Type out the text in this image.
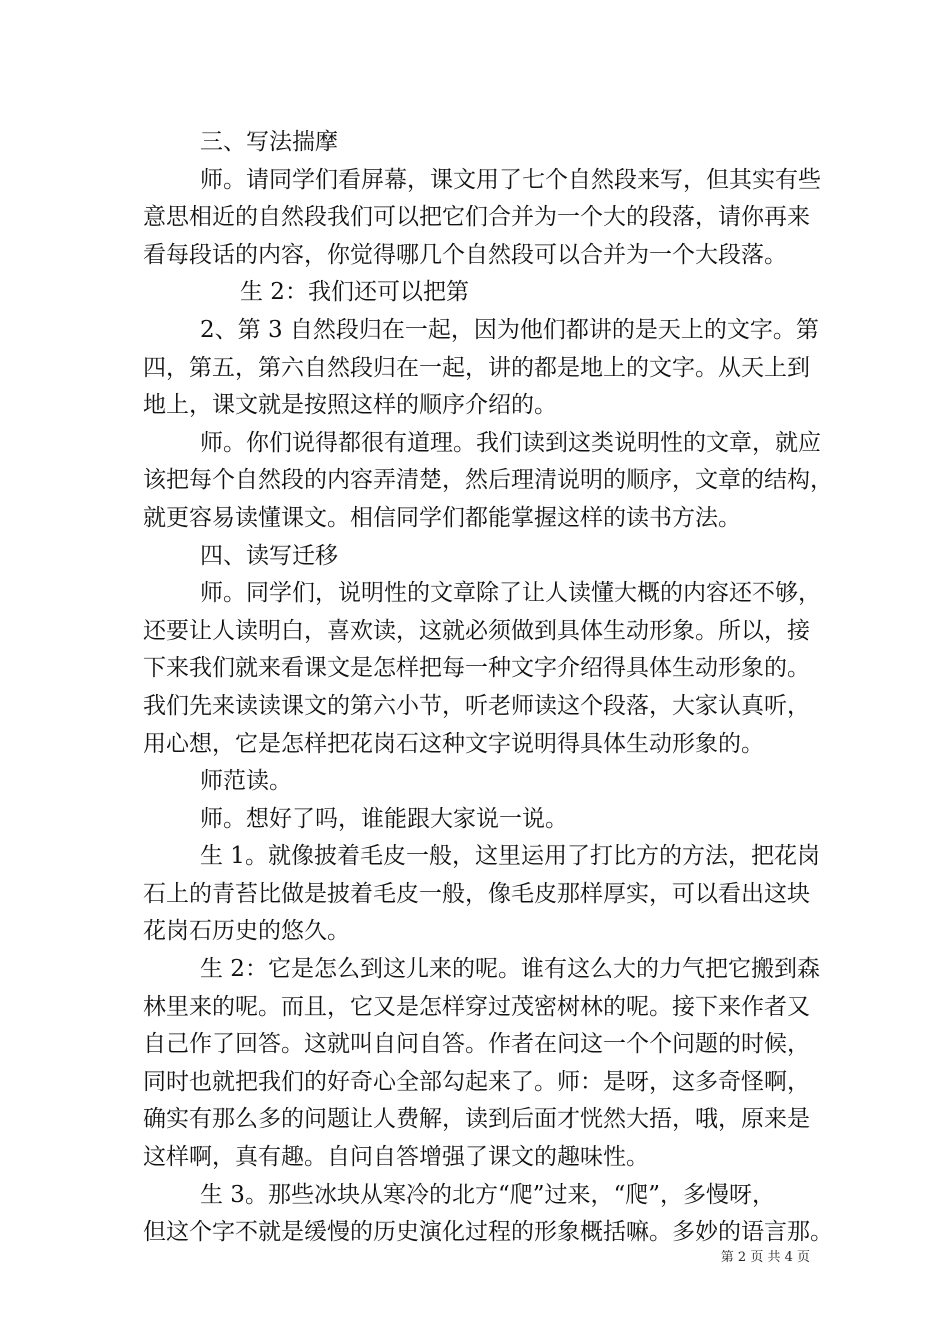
三、写法揣摩
师。请同学们看屏幕，课文用了七个自然段来写，但其实有些
意思相近的自然段我们可以把它们合并为一个大的段落，请你再来
看每段话的内容，你觉得哪几个自然段可以合并为一个大段落。
生 2：我们还可以把第
2、第 3 自然段归在一起，因为他们都讲的是天上的文字。第
四，第五，第六自然段归在一起，讲的都是地上的文字。从天上到
地上，课文就是按照这样的顺序介绍的。
师。你们说得都很有道理。我们读到这类说明性的文章，就应
该把每个自然段的内容弄清楚，然后理清说明的顺序，文章的结构，
就更容易读懂课文。相信同学们都能掌握这样的读书方法。
四、读写迁移
师。同学们，说明性的文章除了让人读懂大概的内容还不够，
还要让人读明白，喜欢读，这就必须做到具体生动形象。所以，接
下来我们就来看课文是怎样把每一种文字介绍得具体生动形象的。
我们先来读读课文的第六小节，听老师读这个段落，大家认真听，
用心想，它是怎样把花岗石这种文字说明得具体生动形象的。
师范读。
师。想好了吗，谁能跟大家说一说。
生 1。就像披着毛皮一般，这里运用了打比方的方法，把花岗
石上的青苔比做是披着毛皮一般，像毛皮那样厚实，可以看出这块
花岗石历史的悠久。
生 2：它是怎么到这儿来的呢。谁有这么大的力气把它搬到森
林里来的呢。而且，它又是怎样穿过茂密树林的呢。接下来作者又
自己作了回答。这就叫自问自答。作者在问这一个个问题的时候，
同时也就把我们的好奇心全部勾起来了。师：是呀，这多奇怪啊，
确实有那么多的问题让人费解，读到后面才恍然大捂，哦，原来是
这样啊，真有趣。自问自答增强了课文的趣味性。
生 3。那些冰块从寒冷的北方“爬”过来，“爬”，多慢呀，
但这个字不就是缓慢的历史演化过程的形象概括嘛。多妙的语言那。
第 2 页 共 4 页
